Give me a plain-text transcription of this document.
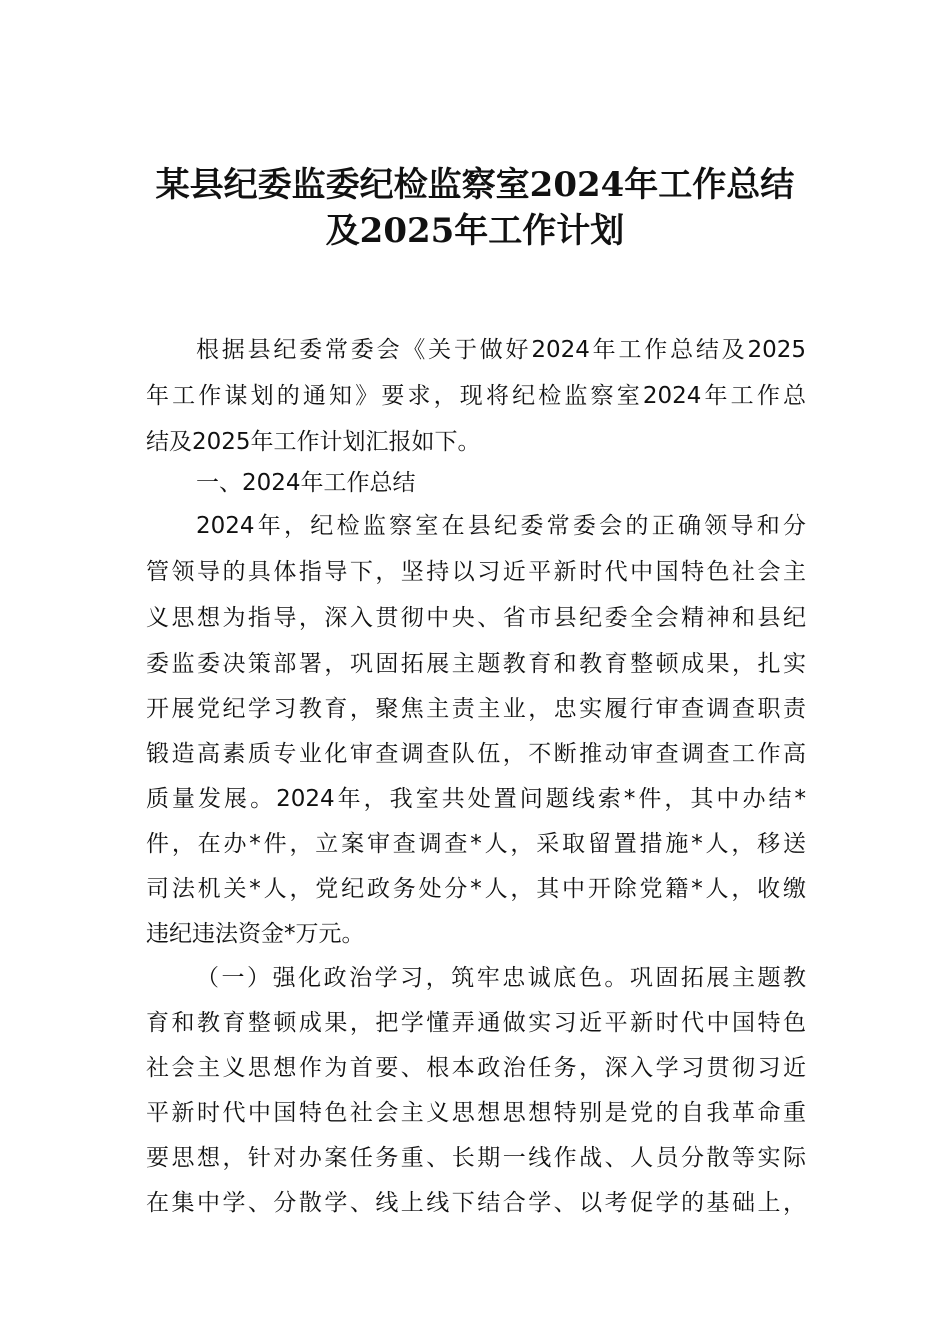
某县纪委监委纪检监察室2024年工作总结
及2025年工作计划
根据县纪委常委会《关于做好2024年工作总结及2025
年工作谋划的通知》要求，现将纪检监察室2024年工作总
结及2025年工作计划汇报如下。
一、2024年工作总结
2024年，纪检监察室在县纪委常委会的正确领导和分
管领导的具体指导下，坚持以习近平新时代中国特色社会主
义思想为指导，深入贯彻中央、省市县纪委全会精神和县纪
委监委决策部署，巩固拓展主题教育和教育整顿成果，扎实
开展党纪学习教育，聚焦主责主业，忠实履行审查调查职责
锻造高素质专业化审查调查队伍，不断推动审查调查工作高
质量发展。2024年，我室共处置问题线索*件，其中办结*
件，在办*件，立案审查调查*人，采取留置措施*人，移送
司法机关*人，党纪政务处分*人，其中开除党籍*人，收缴
违纪违法资金*万元。
（一）强化政治学习，筑牢忠诚底色。巩固拓展主题教
育和教育整顿成果，把学懂弄通做实习近平新时代中国特色
社会主义思想作为首要、根本政治任务，深入学习贯彻习近
平新时代中国特色社会主义思想思想特别是党的自我革命重
要思想，针对办案任务重、长期一线作战、人员分散等实际
在集中学、分散学、线上线下结合学、以考促学的基础上，
